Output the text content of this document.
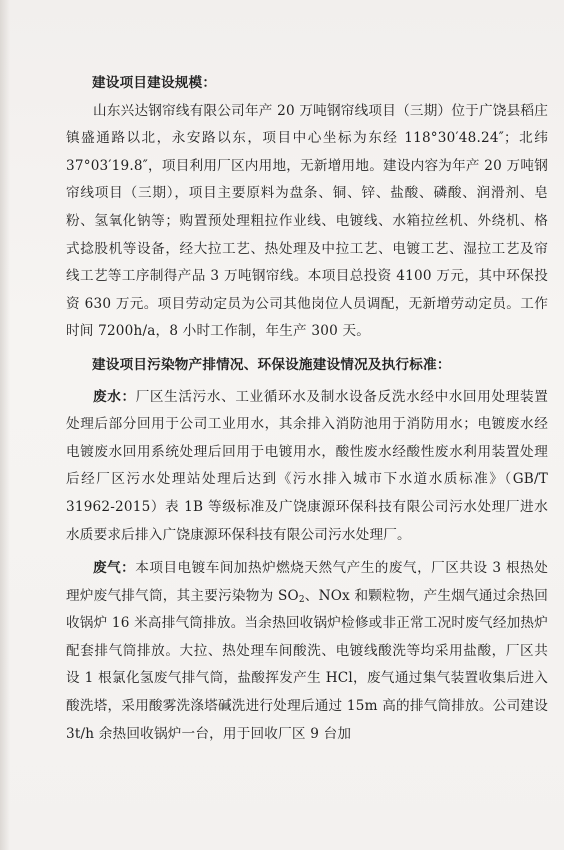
建设项目建设规模：

山东兴达钢帘线有限公司年产 20 万吨钢帘线项目（三期）位于广饶县稻庄镇盛通路以北，永安路以东，项目中心坐标为东经 118°30′48.24″；北纬 37°03′19.8″，项目利用厂区内用地，无新增用地。建设内容为年产 20 万吨钢帘线项目（三期），项目主要原料为盘条、铜、锌、盐酸、磷酸、润滑剂、皂粉、氢氧化钠等；购置预处理粗拉作业线、电镀线、水箱拉丝机、外绕机、格式捻股机等设备，经大拉工艺、热处理及中拉工艺、电镀工艺、湿拉工艺及帘线工艺等工序制得产品 3 万吨钢帘线。本项目总投资 4100 万元，其中环保投资 630 万元。项目劳动定员为公司其他岗位人员调配，无新增劳动定员。工作时间 7200h/a，8 小时工作制，年生产 300 天。

建设项目污染物产排情况、环保设施建设情况及执行标准：

废水：厂区生活污水、工业循环水及制水设备反洗水经中水回用处理装置处理后部分回用于公司工业用水，其余排入消防池用于消防用水；电镀废水经电镀废水回用系统处理后回用于电镀用水，酸性废水经酸性废水利用装置处理后经厂区污水处理站处理后达到《污水排入城市下水道水质标准》（GB/T 31962-2015）表 1B 等级标准及广饶康源环保科技有限公司污水处理厂进水水质要求后排入广饶康源环保科技有限公司污水处理厂。

废气：本项目电镀车间加热炉燃烧天然气产生的废气，厂区共设 3 根热处理炉废气排气筒，其主要污染物为 $SO_2$、NOx 和颗粒物，产生烟气通过余热回收锅炉 16 米高排气筒排放。当余热回收锅炉检修或非正常工况时废气经加热炉配套排气筒排放。大拉、热处理车间酸洗、电镀线酸洗等均采用盐酸，厂区共设 1 根氯化氢废气排气筒，盐酸挥发产生 HCl，废气通过集气装置收集后进入酸洗塔，采用酸雾洗涤塔碱洗进行处理后通过 15m 高的排气筒排放。公司建设 3t/h 余热回收锅炉一台，用于回收厂区 9 台加
